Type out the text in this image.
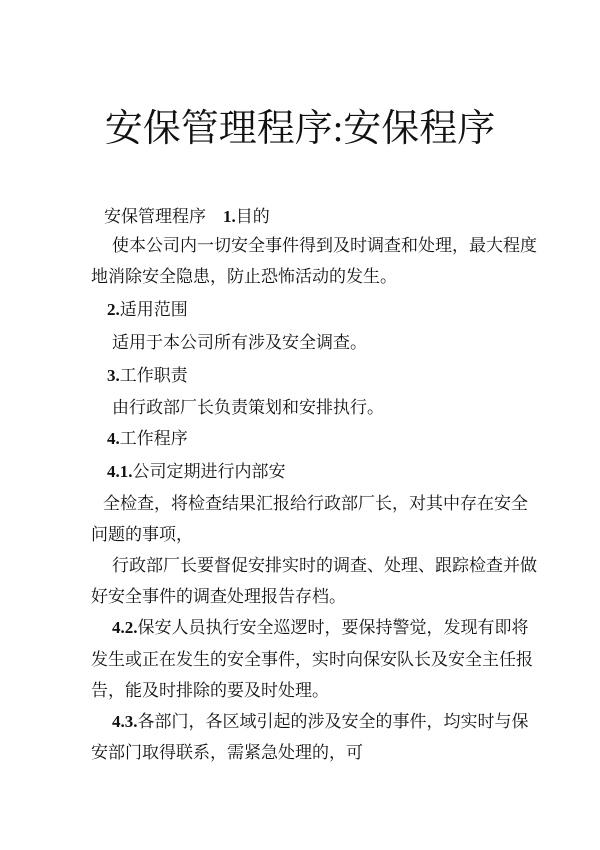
安保管理程序:安保程序
安保管理程序　1.目的
使本公司内一切安全事件得到及时调查和处理，最大程度
地消除安全隐患，防止恐怖活动的发生。
2.适用范围
适用于本公司所有涉及安全调查。
3.工作职责
由行政部厂长负责策划和安排执行。
4.工作程序
4.1.公司定期进行内部安
全检查，将检查结果汇报给行政部厂长，对其中存在安全
问题的事项，
行政部厂长要督促安排实时的调查、处理、跟踪检查并做
好安全事件的调查处理报告存档。
4.2.保安人员执行安全巡逻时，要保持警觉，发现有即将
发生或正在发生的安全事件，实时向保安队长及安全主任报
告，能及时排除的要及时处理。
4.3.各部门，各区域引起的涉及安全的事件，均实时与保
安部门取得联系，需紧急处理的，可
